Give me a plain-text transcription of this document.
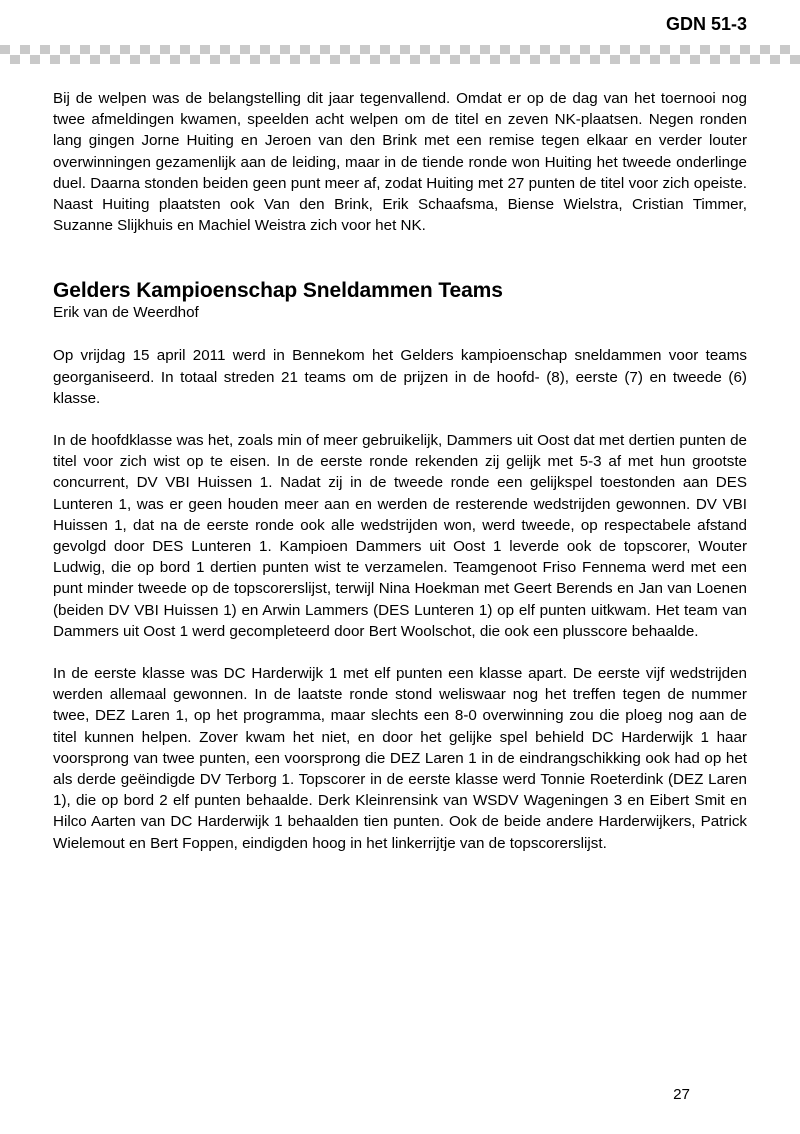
GDN 51-3

Bij de welpen was de belangstelling dit jaar tegenvallend. Omdat er op de dag van het toernooi nog twee afmeldingen kwamen, speelden acht welpen om de titel en zeven NK-plaatsen. Negen ronden lang gingen Jorne Huiting en Jeroen van den Brink met een remise tegen elkaar en verder louter overwinningen gezamenlijk aan de leiding, maar in de tiende ronde won Huiting het tweede onderlinge duel. Daarna stonden beiden geen punt meer af, zodat Huiting met 27 punten de titel voor zich opeiste. Naast Huiting plaatsten ook Van den Brink, Erik Schaafsma, Biense Wielstra, Cristian Timmer, Suzanne Slijkhuis en Machiel Weistra zich voor het NK.

Gelders Kampioenschap Sneldammen Teams
Erik van de Weerdhof

Op vrijdag 15 april 2011 werd in Bennekom het Gelders kampioenschap sneldammen voor teams georganiseerd. In totaal streden 21 teams om de prijzen in de hoofd- (8), eerste (7) en tweede (6) klasse.

In de hoofdklasse was het, zoals min of meer gebruikelijk, Dammers uit Oost dat met dertien punten de titel voor zich wist op te eisen. In de eerste ronde rekenden zij gelijk met 5-3 af met hun grootste concurrent, DV VBI Huissen 1. Nadat zij in de tweede ronde een gelijkspel toestonden aan DES Lunteren 1, was er geen houden meer aan en werden de resterende wedstrijden gewonnen. DV VBI Huissen 1, dat na de eerste ronde ook alle wedstrijden won, werd tweede, op respectabele afstand gevolgd door DES Lunteren 1. Kampioen Dammers uit Oost 1 leverde ook de topscorer, Wouter Ludwig, die op bord 1 dertien punten wist te verzamelen. Teamgenoot Friso Fennema werd met een punt minder tweede op de topscorerslijst, terwijl Nina Hoekman met Geert Berends en Jan van Loenen (beiden DV VBI Huissen 1) en Arwin Lammers (DES Lunteren 1) op elf punten uitkwam. Het team van Dammers uit Oost 1 werd gecompleteerd door Bert Woolschot, die ook een plusscore behaalde.

In de eerste klasse was DC Harderwijk 1 met elf punten een klasse apart. De eerste vijf wedstrijden werden allemaal gewonnen. In de laatste ronde stond weliswaar nog het treffen tegen de nummer twee, DEZ Laren 1, op het programma, maar slechts een 8-0 overwinning zou die ploeg nog aan de titel kunnen helpen. Zover kwam het niet, en door het gelijke spel behield DC Harderwijk 1 haar voorsprong van twee punten, een voorsprong die DEZ Laren 1 in de eindrangschikking ook had op het als derde geëindigde DV Terborg 1. Topscorer in de eerste klasse werd Tonnie Roeterdink (DEZ Laren 1), die op bord 2 elf punten behaalde. Derk Kleinrensink van WSDV Wageningen 3 en Eibert Smit en Hilco Aarten van DC Harderwijk 1 behaalden tien punten. Ook de beide andere Harderwijkers, Patrick Wielemout en Bert Foppen, eindigden hoog in het linkerrijtje van de topscorerslijst.

27
